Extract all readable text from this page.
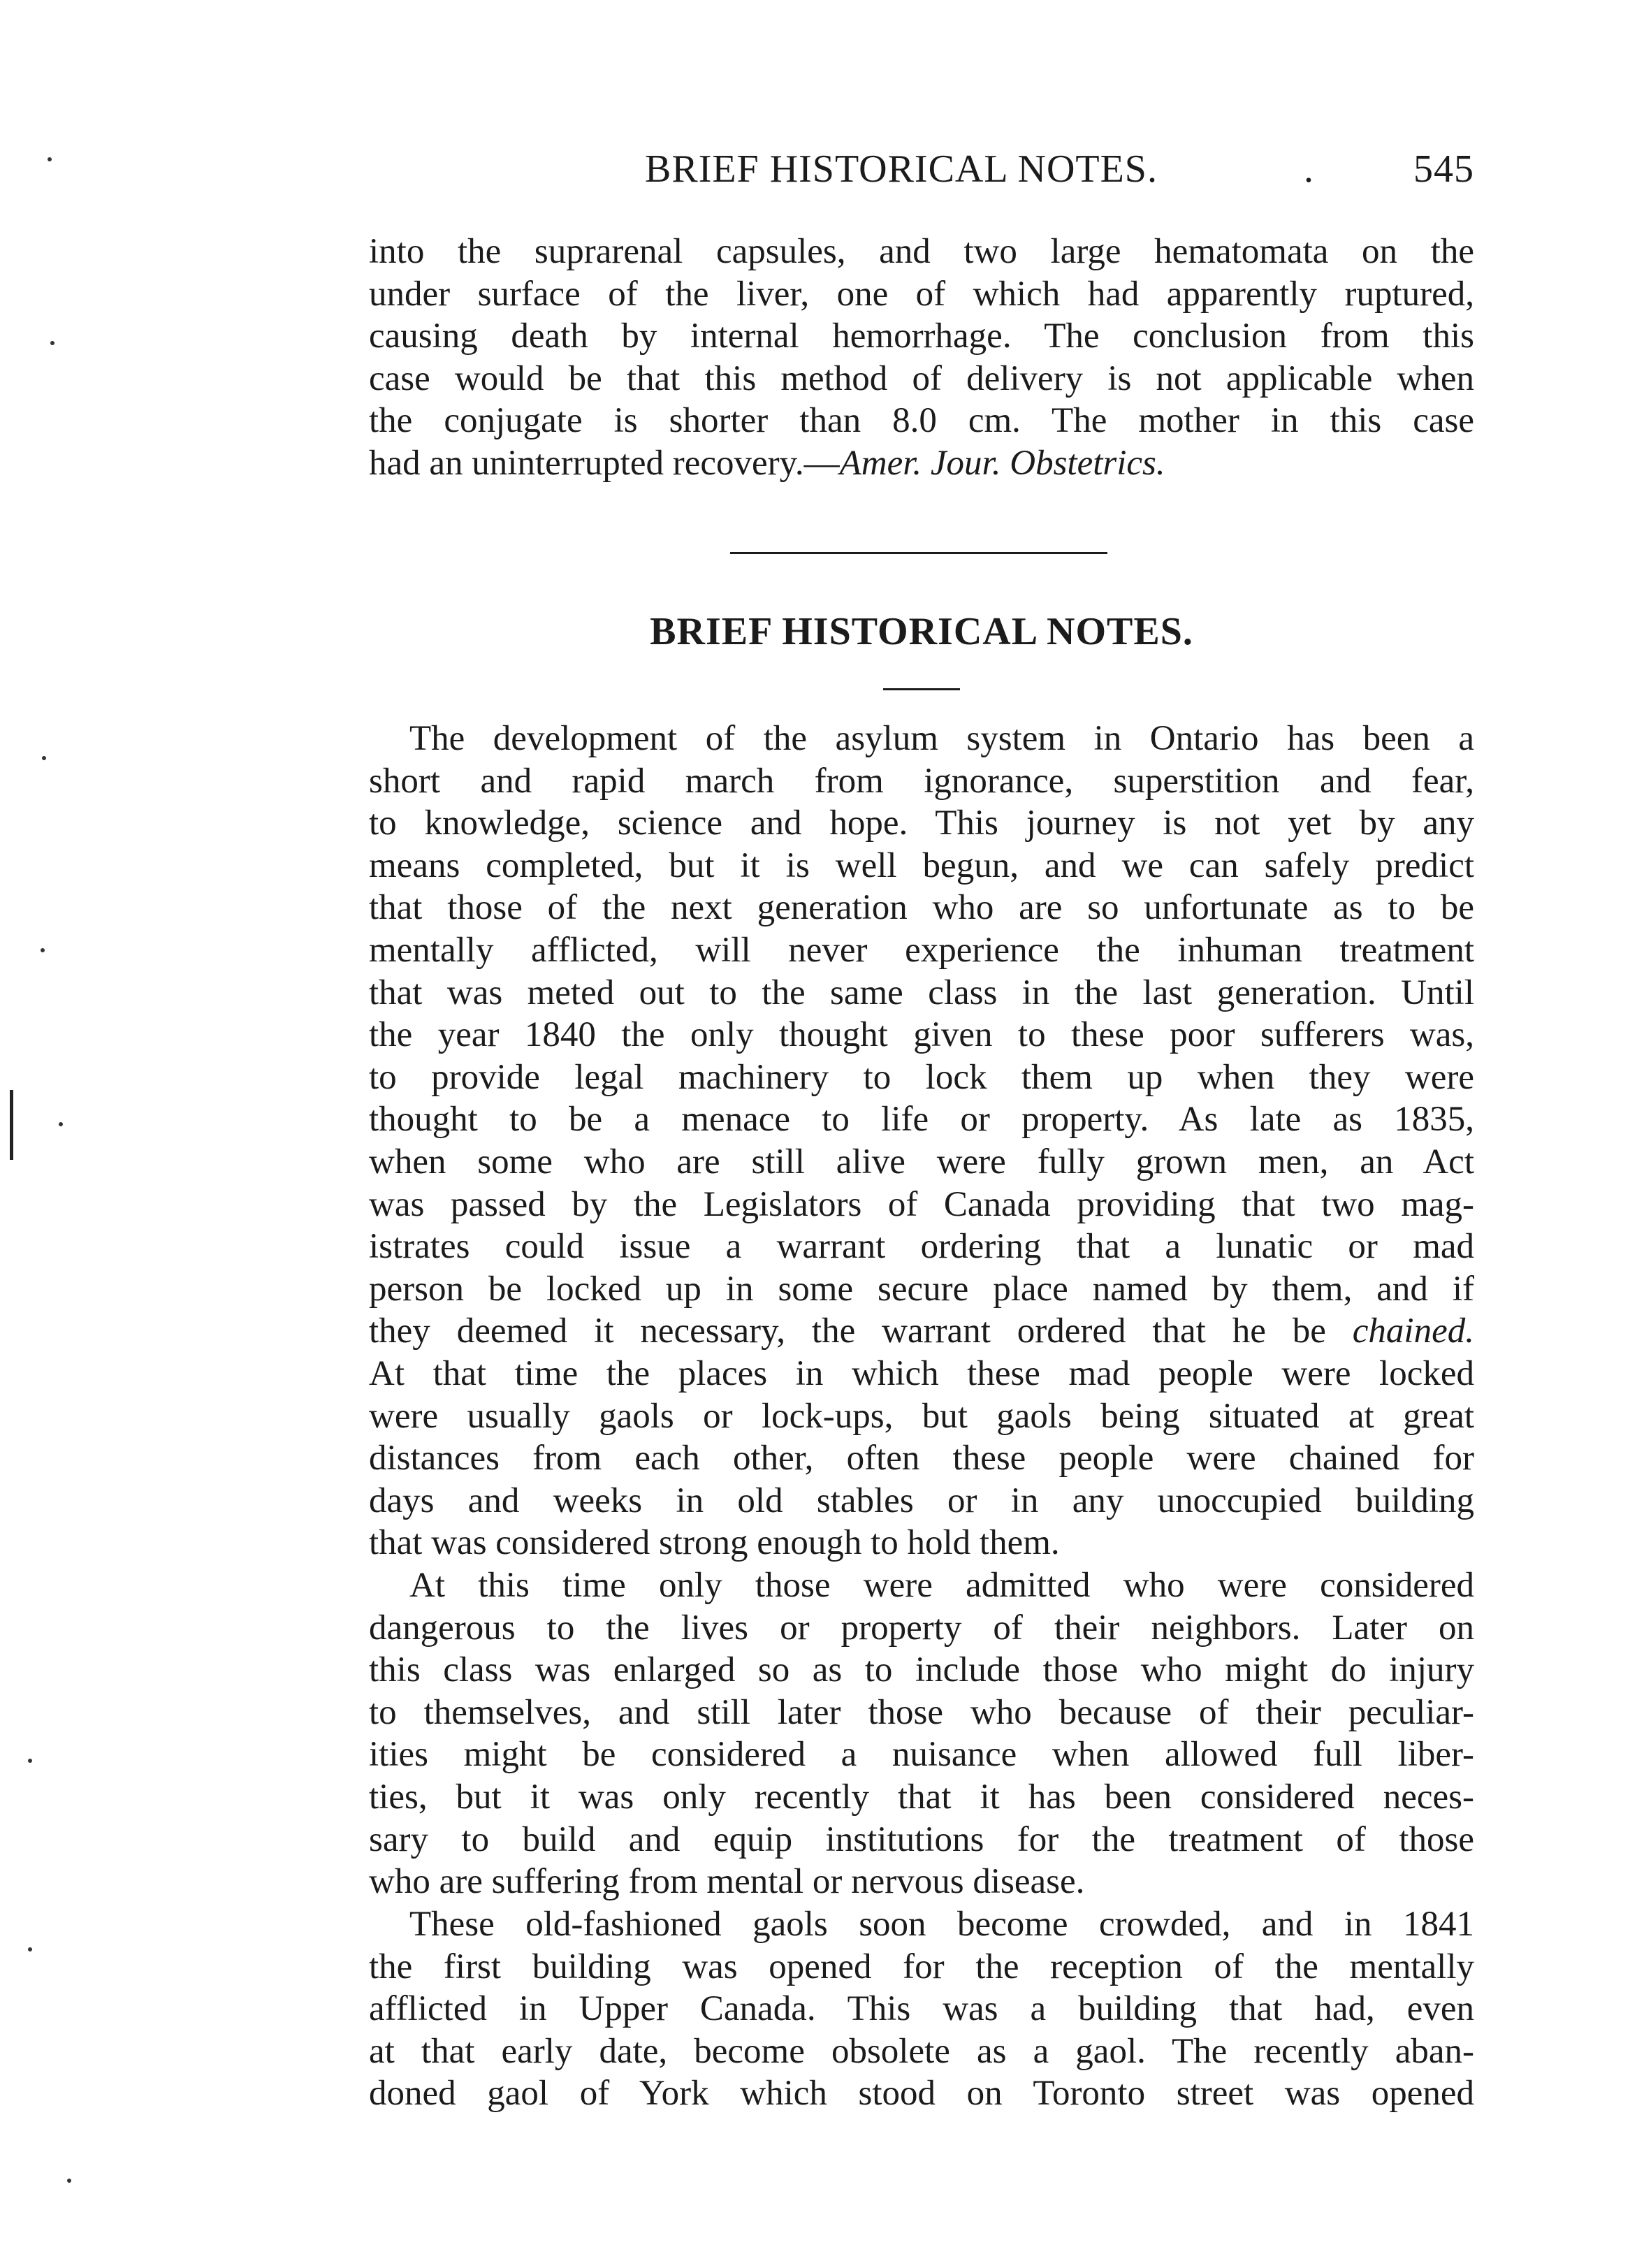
BRIEF HISTORICAL NOTES.	.	545
into the suprarenal capsules, and two large hematomata on the
under surface of the liver, one of which had apparently ruptured,
causing death by internal hemorrhage. The conclusion from this
case would be that this method of delivery is not applicable when
the conjugate is shorter than 8.0 cm. The mother in this case
had an uninterrupted recovery.—Amer. Jour. Obstetrics.
BRIEF HISTORICAL NOTES.
The development of the asylum system in Ontario has been a
short and rapid march from ignorance, superstition and fear,
to knowledge, science and hope. This journey is not yet by any
means completed, but it is well begun, and we can safely predict
that those of the next generation who are so unfortunate as to be
mentally afflicted, will never experience the inhuman treatment
that was meted out to the same class in the last generation. Until
the year 1840 the only thought given to these poor sufferers was,
to provide legal machinery to lock them up when they were
thought to be a menace to life or property. As late as 1835,
when some who are still alive were fully grown men, an Act
was passed by the Legislators of Canada providing that two mag-
istrates could issue a warrant ordering that a lunatic or mad
person be locked up in some secure place named by them, and if
they deemed it necessary, the warrant ordered that he be chained.
At that time the places in which these mad people were locked
were usually gaols or lock-ups, but gaols being situated at great
distances from each other, often these people were chained for
days and weeks in old stables or in any unoccupied building
that was considered strong enough to hold them.
At this time only those were admitted who were considered
dangerous to the lives or property of their neighbors. Later on
this class was enlarged so as to include those who might do injury
to themselves, and still later those who because of their peculiar-
ities might be considered a nuisance when allowed full liber-
ties, but it was only recently that it has been considered neces-
sary to build and equip institutions for the treatment of those
who are suffering from mental or nervous disease.
These old-fashioned gaols soon become crowded, and in 1841
the first building was opened for the reception of the mentally
afflicted in Upper Canada. This was a building that had, even
at that early date, become obsolete as a gaol. The recently aban-
doned gaol of York which stood on Toronto street was opened
